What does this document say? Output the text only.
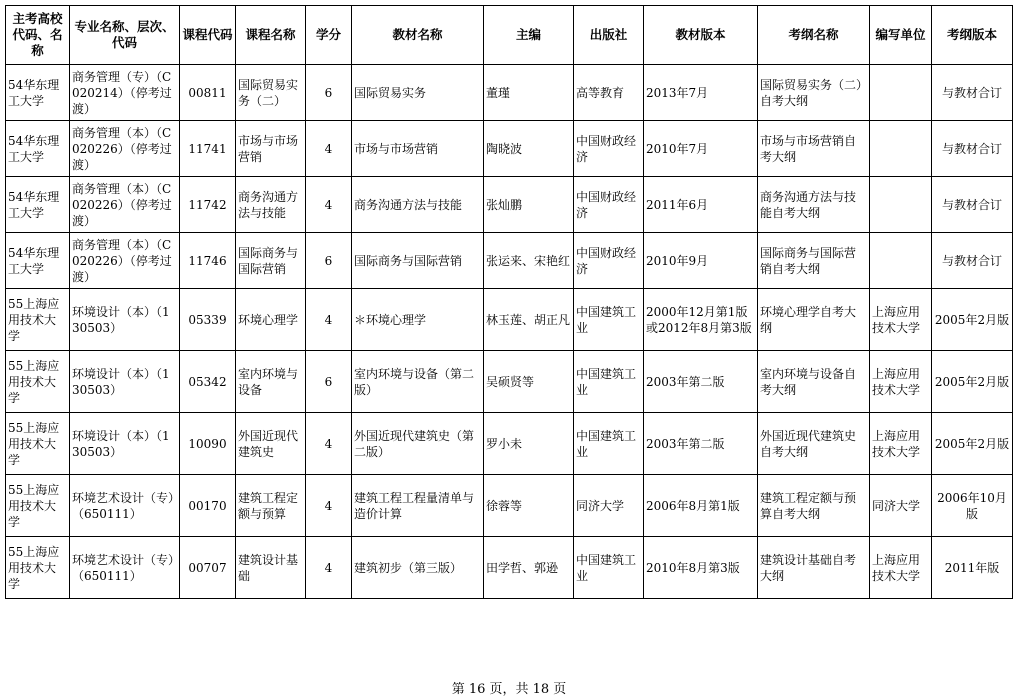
主考高校代码、名称	专业名称、层次、代码	课程代码	课程名称	学分	教材名称	主编	出版社	教材版本	考纲名称	编写单位	考纲版本
54华东理工大学	商务管理（专）（C020214）（停考过渡）	00811	国际贸易实务（二）	6	国际贸易实务	董瑾	高等教育	2013年7月	国际贸易实务（二）自考大纲		与教材合订
54华东理工大学	商务管理（本）（C020226）（停考过渡）	11741	市场与市场营销	4	市场与市场营销	陶晓波	中国财政经济	2010年7月	市场与市场营销自考大纲		与教材合订
54华东理工大学	商务管理（本）（C020226）（停考过渡）	11742	商务沟通方法与技能	4	商务沟通方法与技能	张灿鹏	中国财政经济	2011年6月	商务沟通方法与技能自考大纲		与教材合订
54华东理工大学	商务管理（本）（C020226）（停考过渡）	11746	国际商务与国际营销	6	国际商务与国际营销	张运来、宋艳红	中国财政经济	2010年9月	国际商务与国际营销自考大纲		与教材合订
55上海应用技术大学	环境设计（本）（130503）	05339	环境心理学	4	＊环境心理学	林玉莲、胡正凡	中国建筑工业	2000年12月第1版或2012年8月第3版	环境心理学自考大纲	上海应用技术大学	2005年2月版
55上海应用技术大学	环境设计（本）（130503）	05342	室内环境与设备	6	室内环境与设备（第二版）	吴硕贤等	中国建筑工业	2003年第二版	室内环境与设备自考大纲	上海应用技术大学	2005年2月版
55上海应用技术大学	环境设计（本）（130503）	10090	外国近现代建筑史	4	外国近现代建筑史（第二版）	罗小未	中国建筑工业	2003年第二版	外国近现代建筑史自考大纲	上海应用技术大学	2005年2月版
55上海应用技术大学	环境艺术设计（专）（650111）	00170	建筑工程定额与预算	4	建筑工程工程量清单与造价计算	徐蓉等	同济大学	2006年8月第1版	建筑工程定额与预算自考大纲	同济大学	2006年10月版
55上海应用技术大学	环境艺术设计（专）（650111）	00707	建筑设计基础	4	建筑初步（第三版）	田学哲、郭逊	中国建筑工业	2010年8月第3版	建筑设计基础自考大纲	上海应用技术大学	2011年版
第 16 页，共 18 页
